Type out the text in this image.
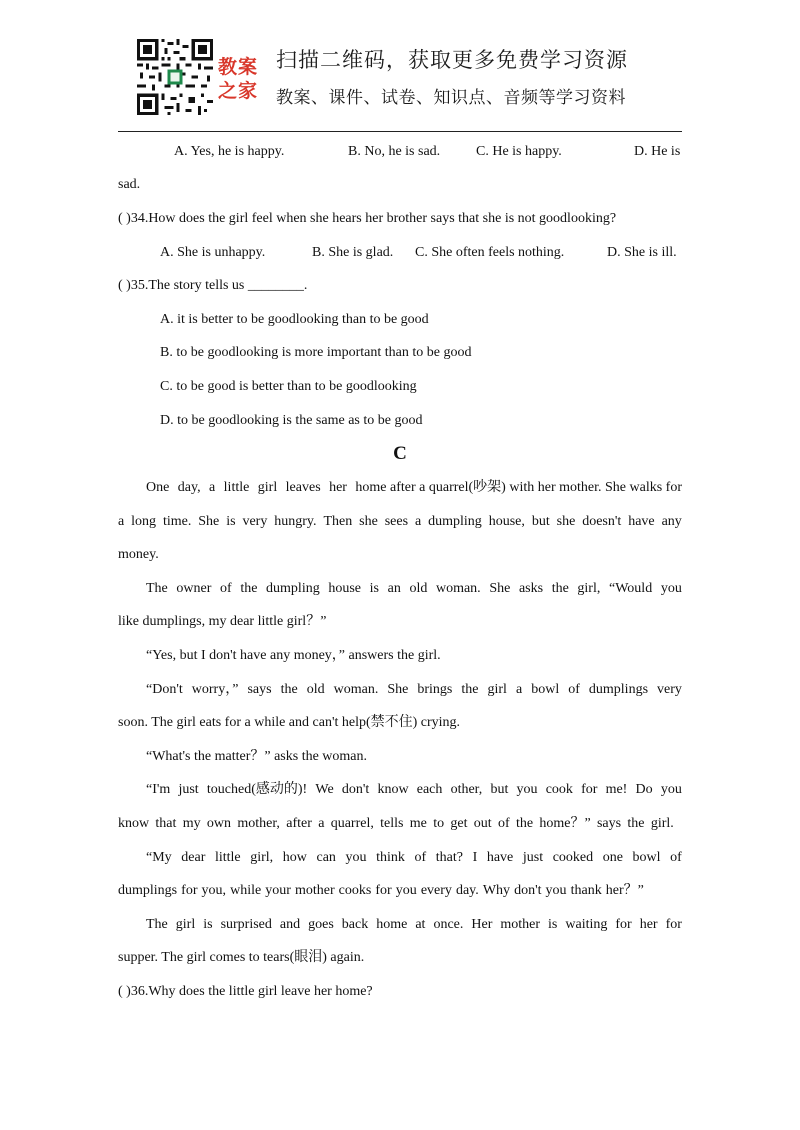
教案
之家
扫描二维码，获取更多免费学习资源
教案、课件、试卷、知识点、音频等学习资料
A. Yes, he is happy.	B. No, he is sad.	C. He is happy.	D. He is
sad.
( )34.How does the girl feel when she hears her brother says that she is not goodlooking?
A. She is unhappy.	B. She is glad. C. She often feels nothing.	D. She is ill.
( )35.The story tells us ________.
A. it is better to be goodlooking than to be good
B. to be goodlooking is more important than to be good
C. to be good is better than to be goodlooking
D. to be goodlooking is the same as to be good
C
One day, a little girl leaves her home after a quarrel(吵架) with her mother. She walks for
a long time. She is very hungry. Then she sees a dumpling house, but she doesn't have any
money.
The owner of the dumpling house is an old woman. She asks the girl, “Would you
like dumplings, my dear little girl？”
“Yes, but I don't have any money，” answers the girl.
“Don't worry，” says the old woman. She brings the girl a bowl of dumplings very
soon. The girl eats for a while and can't help(禁不住) crying.
“What's the matter？” asks the woman.
“I'm just touched(感动的)! We don't know each other, but you cook for me! Do you
know that my own mother, after a quarrel, tells me to get out of the home？” says the girl.
“My dear little girl, how can you think of that? I have just cooked one bowl of
dumplings for you, while your mother cooks for you every day. Why don't you thank her？”
The girl is surprised and goes back home at once. Her mother is waiting for her for
supper. The girl comes to tears(眼泪) again.
( )36.Why does the little girl leave her home?
